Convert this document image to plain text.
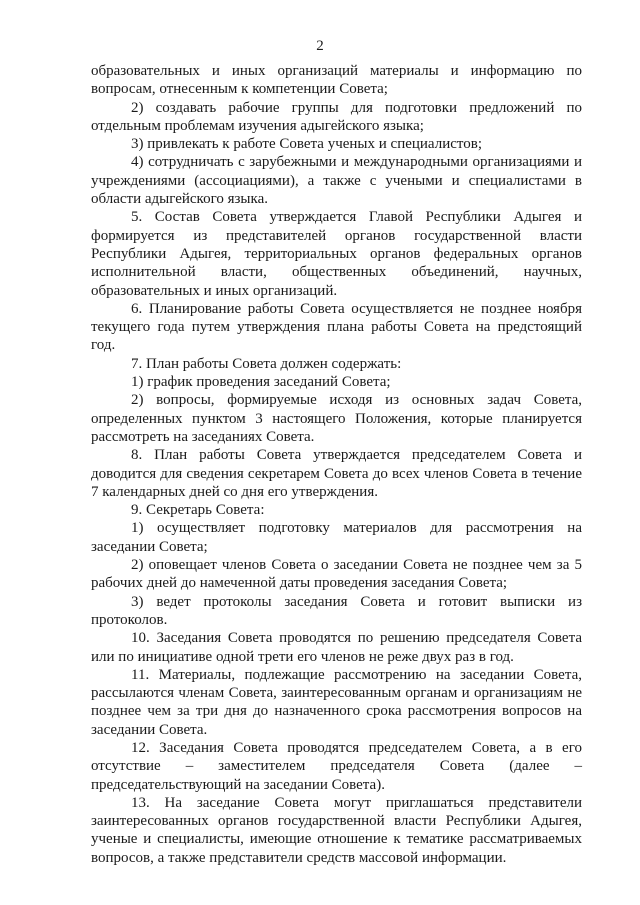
2

образовательных и иных организаций материалы и информацию по вопросам, отнесенным к компетенции Совета;

2) создавать рабочие группы для подготовки предложений по отдельным проблемам изучения адыгейского языка;

3) привлекать к работе Совета ученых и специалистов;

4) сотрудничать с зарубежными и международными организациями и учреждениями (ассоциациями), а также с учеными и специалистами в области адыгейского языка.

5. Состав Совета утверждается Главой Республики Адыгея и формируется из представителей органов государственной власти Республики Адыгея, территориальных органов федеральных органов исполнительной власти, общественных объединений, научных, образовательных и иных организаций.

6. Планирование работы Совета осуществляется не позднее ноября текущего года путем утверждения плана работы Совета на предстоящий год.

7. План работы Совета должен содержать:

1) график проведения заседаний Совета;

2) вопросы, формируемые исходя из основных задач Совета, определенных пунктом 3 настоящего Положения, которые планируется рассмотреть на заседаниях Совета.

8. План работы Совета утверждается председателем Совета и доводится для сведения секретарем Совета до всех членов Совета в течение 7 календарных дней со дня его утверждения.

9. Секретарь Совета:

1) осуществляет подготовку материалов для рассмотрения на заседании Совета;

2) оповещает членов Совета о заседании Совета не позднее чем за 5 рабочих дней до намеченной даты проведения заседания Совета;

3) ведет протоколы заседания Совета и готовит выписки из протоколов.

10. Заседания Совета проводятся по решению председателя Совета или по инициативе одной трети его членов не реже двух раз в год.

11. Материалы, подлежащие рассмотрению на заседании Совета, рассылаются членам Совета, заинтересованным органам и организациям не позднее чем за три дня до назначенного срока рассмотрения вопросов на заседании Совета.

12. Заседания Совета проводятся председателем Совета, а в его отсутствие – заместителем председателя Совета (далее – председательствующий на заседании Совета).

13. На заседание Совета могут приглашаться представители заинтересованных органов государственной власти Республики Адыгея, ученые и специалисты, имеющие отношение к тематике рассматриваемых вопросов, а также представители средств массовой информации.
